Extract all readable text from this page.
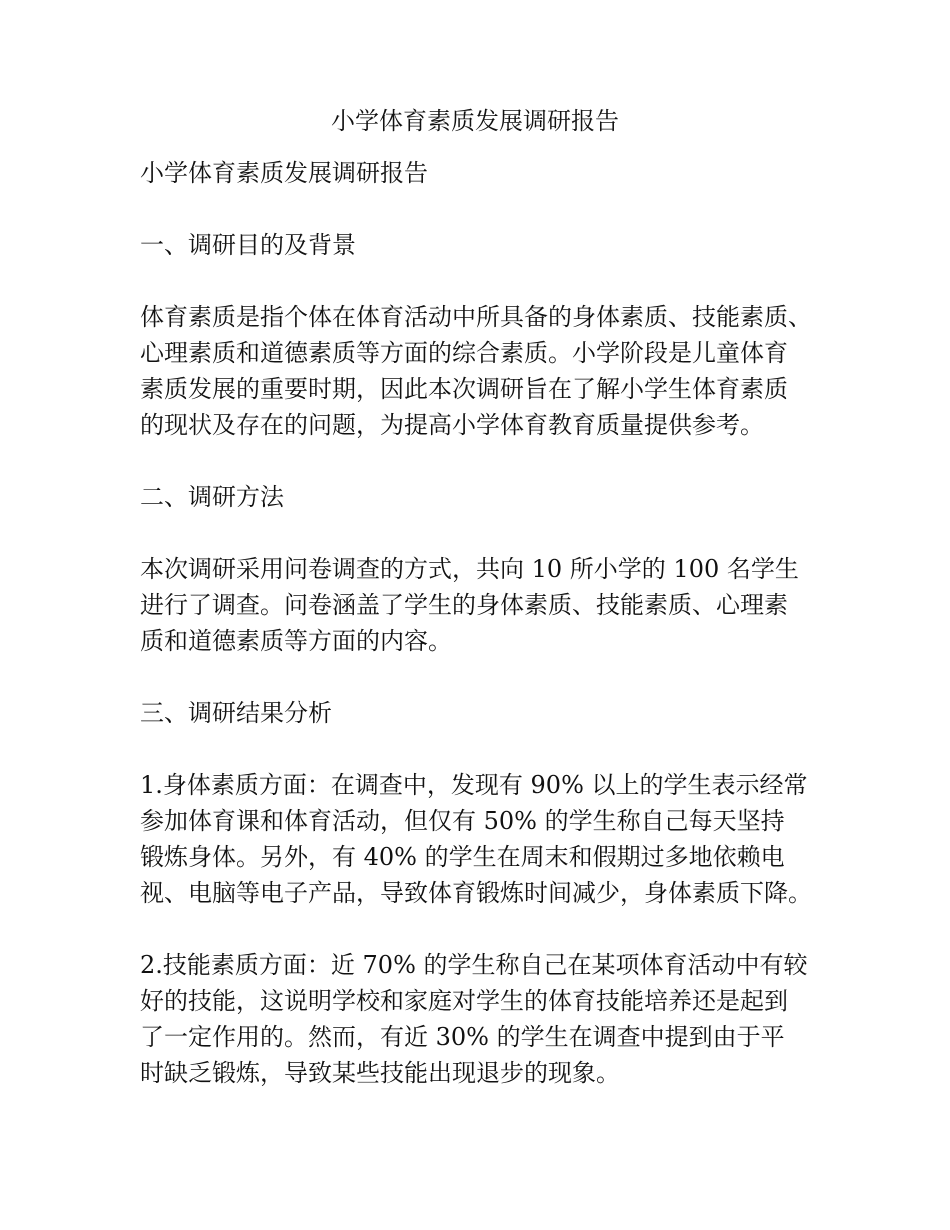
小学体育素质发展调研报告

小学体育素质发展调研报告

一、调研目的及背景

体育素质是指个体在体育活动中所具备的身体素质、技能素质、
心理素质和道德素质等方面的综合素质。小学阶段是儿童体育
素质发展的重要时期，因此本次调研旨在了解小学生体育素质
的现状及存在的问题，为提高小学体育教育质量提供参考。

二、调研方法

本次调研采用问卷调查的方式，共向 10 所小学的 100 名学生
进行了调查。问卷涵盖了学生的身体素质、技能素质、心理素
质和道德素质等方面的内容。

三、调研结果分析

1.身体素质方面：在调查中，发现有 90% 以上的学生表示经常
参加体育课和体育活动，但仅有 50% 的学生称自己每天坚持
锻炼身体。另外，有 40% 的学生在周末和假期过多地依赖电
视、电脑等电子产品，导致体育锻炼时间减少，身体素质下降。

2.技能素质方面：近 70% 的学生称自己在某项体育活动中有较
好的技能，这说明学校和家庭对学生的体育技能培养还是起到
了一定作用的。然而，有近 30% 的学生在调查中提到由于平
时缺乏锻炼，导致某些技能出现退步的现象。
